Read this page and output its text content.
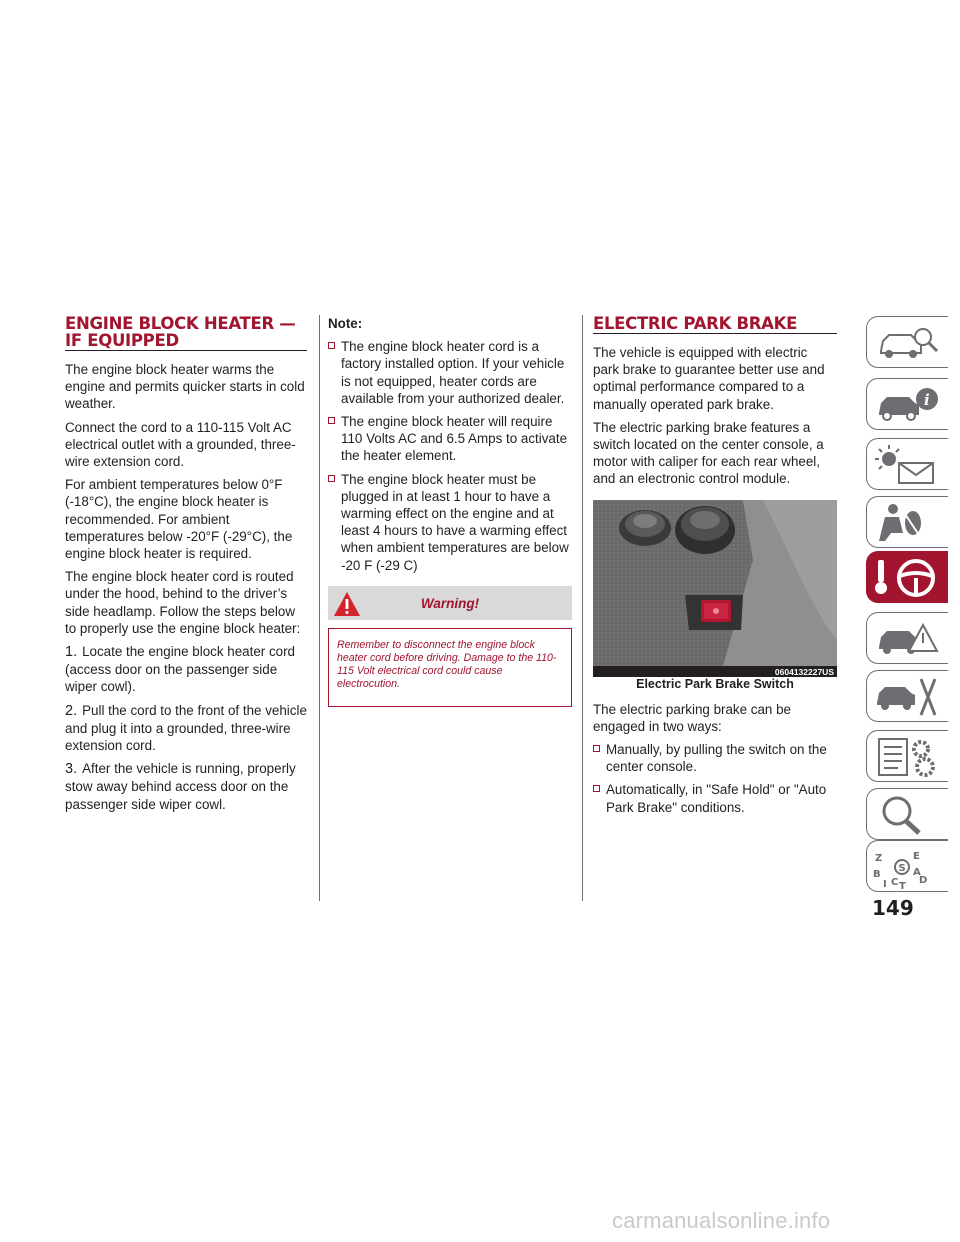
ENGINE BLOCK HEATER — IF EQUIPPED

The engine block heater warms the engine and permits quicker starts in cold weather.

Connect the cord to a 110-115 Volt AC electrical outlet with a grounded, three-wire extension cord.

For ambient temperatures below 0°F (-18°C), the engine block heater is recommended. For ambient temperatures below -20°F (-29°C), the engine block heater is required.

The engine block heater cord is routed under the hood, behind to the driver’s side headlamp. Follow the steps below to properly use the engine block heater:

1. Locate the engine block heater cord (access door on the passenger side wiper cowl).
2. Pull the cord to the front of the vehicle and plug it into a grounded, three-wire extension cord.
3. After the vehicle is running, properly stow away behind access door on the passenger side wiper cowl.
Note:
The engine block heater cord is a factory installed option. If your vehicle is not equipped, heater cords are available from your authorized dealer.
The engine block heater will require 110 Volts AC and 6.5 Amps to activate the heater element.
The engine block heater must be plugged in at least 1 hour to have a warming effect on the engine and at least 4 hours to have a warming effect when ambient temperatures are below -20 F (-29 C)
Warning!
Remember to disconnect the engine block heater cord before driving. Damage to the 110-115 Volt electrical cord could cause electrocution.
ELECTRIC PARK BRAKE

The vehicle is equipped with electric park brake to guarantee better use and optimal performance compared to a manually operated park brake.

The electric parking brake features a switch located on the center console, a motor with caliper for each rear wheel, and an electronic control module.

0604132227US
Electric Park Brake Switch

The electric parking brake can be engaged in two ways:

Manually, by pulling the switch on the center console.
Automatically, in "Safe Hold" or "Auto Park Brake" conditions.
i
Z	E
B	A
I C T
D
S
149
carmanualsonline.info
